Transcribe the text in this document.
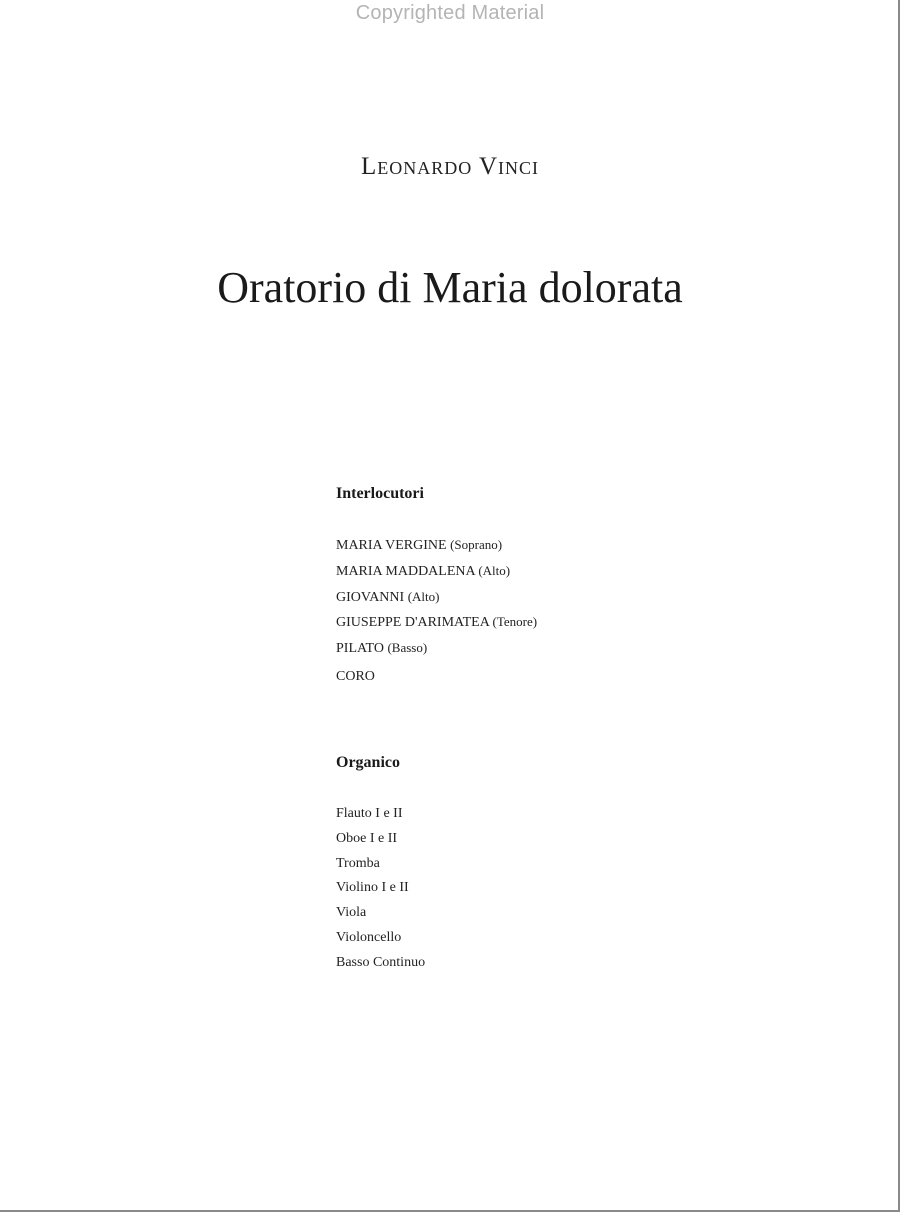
Copyrighted Material
Leonardo Vinci
Oratorio di Maria dolorata
Interlocutori
MARIA VERGINE (Soprano)
MARIA MADDALENA (Alto)
GIOVANNI (Alto)
GIUSEPPE D'ARIMATEA (Tenore)
PILATO (Basso)
CORO
Organico
Flauto I e II
Oboe I e II
Tromba
Violino I e II
Viola
Violoncello
Basso Continuo
